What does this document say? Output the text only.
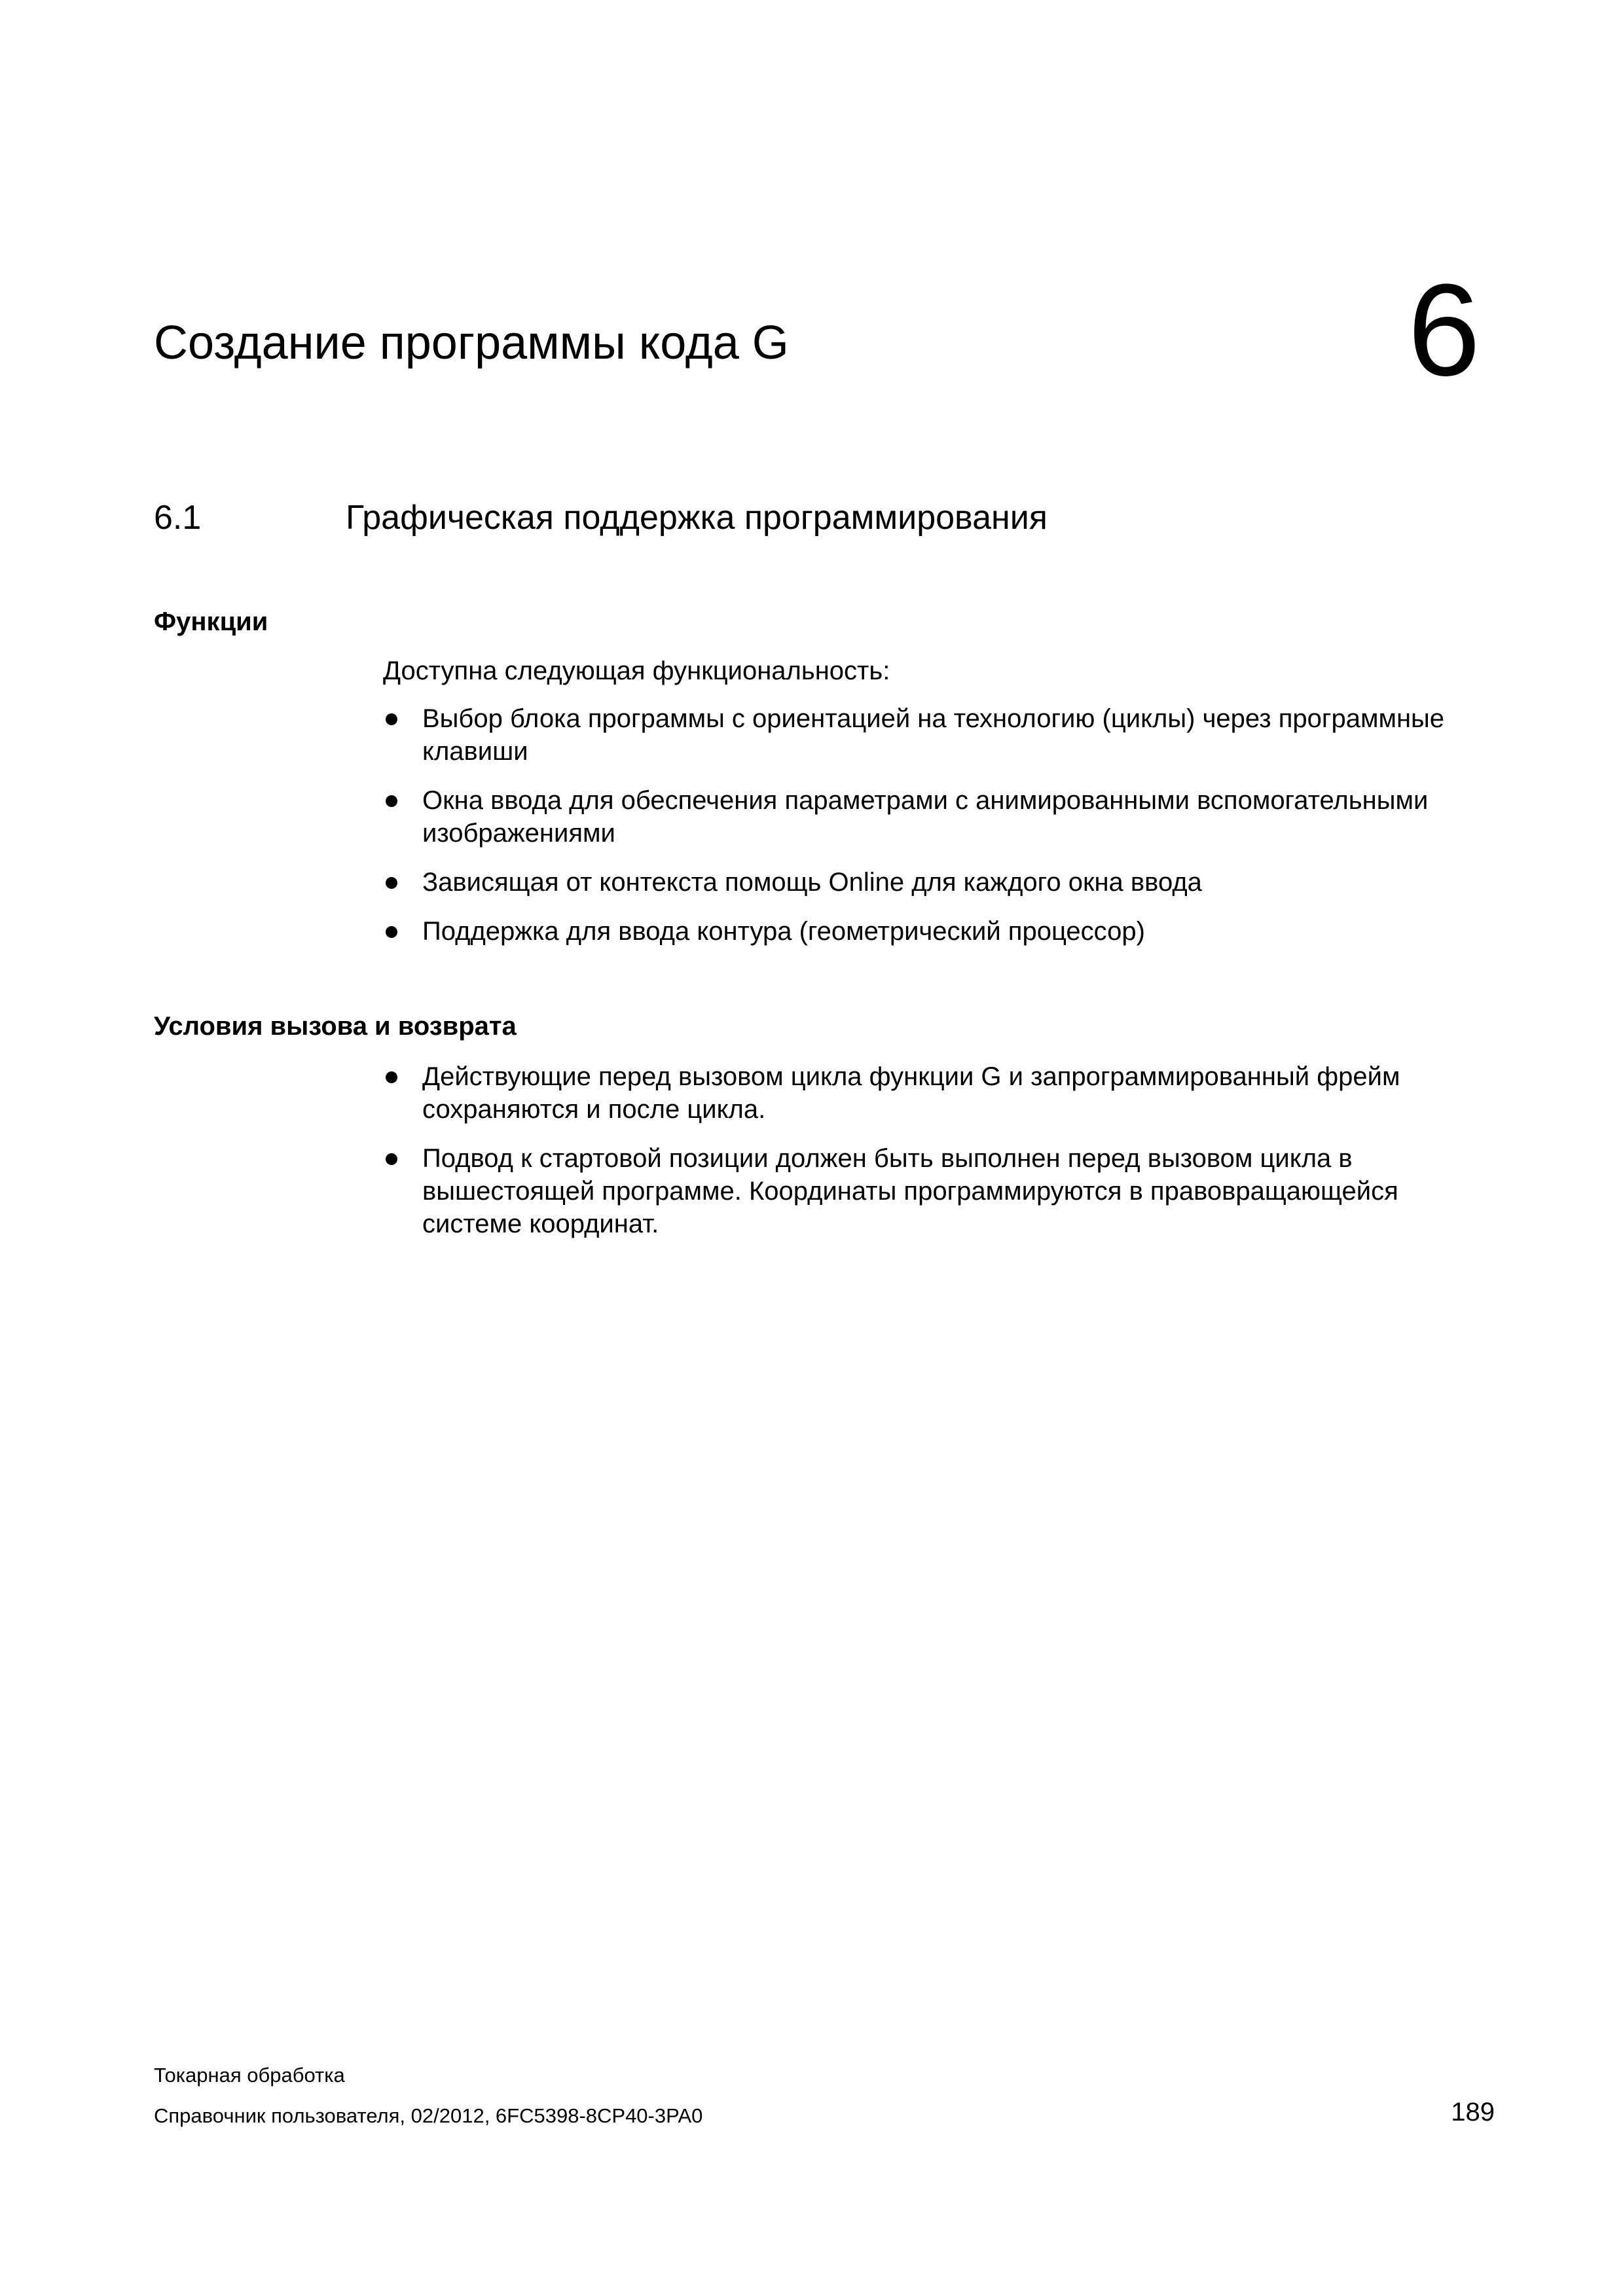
Создание программы кода G	6
6.1	Графическая поддержка программирования
Функции
Доступна следующая функциональность:
Выбор блока программы с ориентацией на технологию (циклы) через программные клавиши
Окна ввода для обеспечения параметрами с анимированными вспомогательными изображениями
Зависящая от контекста помощь Online для каждого окна ввода
Поддержка для ввода контура (геометрический процессор)
Условия вызова и возврата
Действующие перед вызовом цикла функции G и запрограммированный фрейм сохраняются и после цикла.
Подвод к стартовой позиции должен быть выполнен перед вызовом цикла в вышестоящей программе. Координаты программируются в правовращающейся системе координат.
Токарная обработка
Справочник пользователя, 02/2012, 6FC5398-8CP40-3PA0	189
